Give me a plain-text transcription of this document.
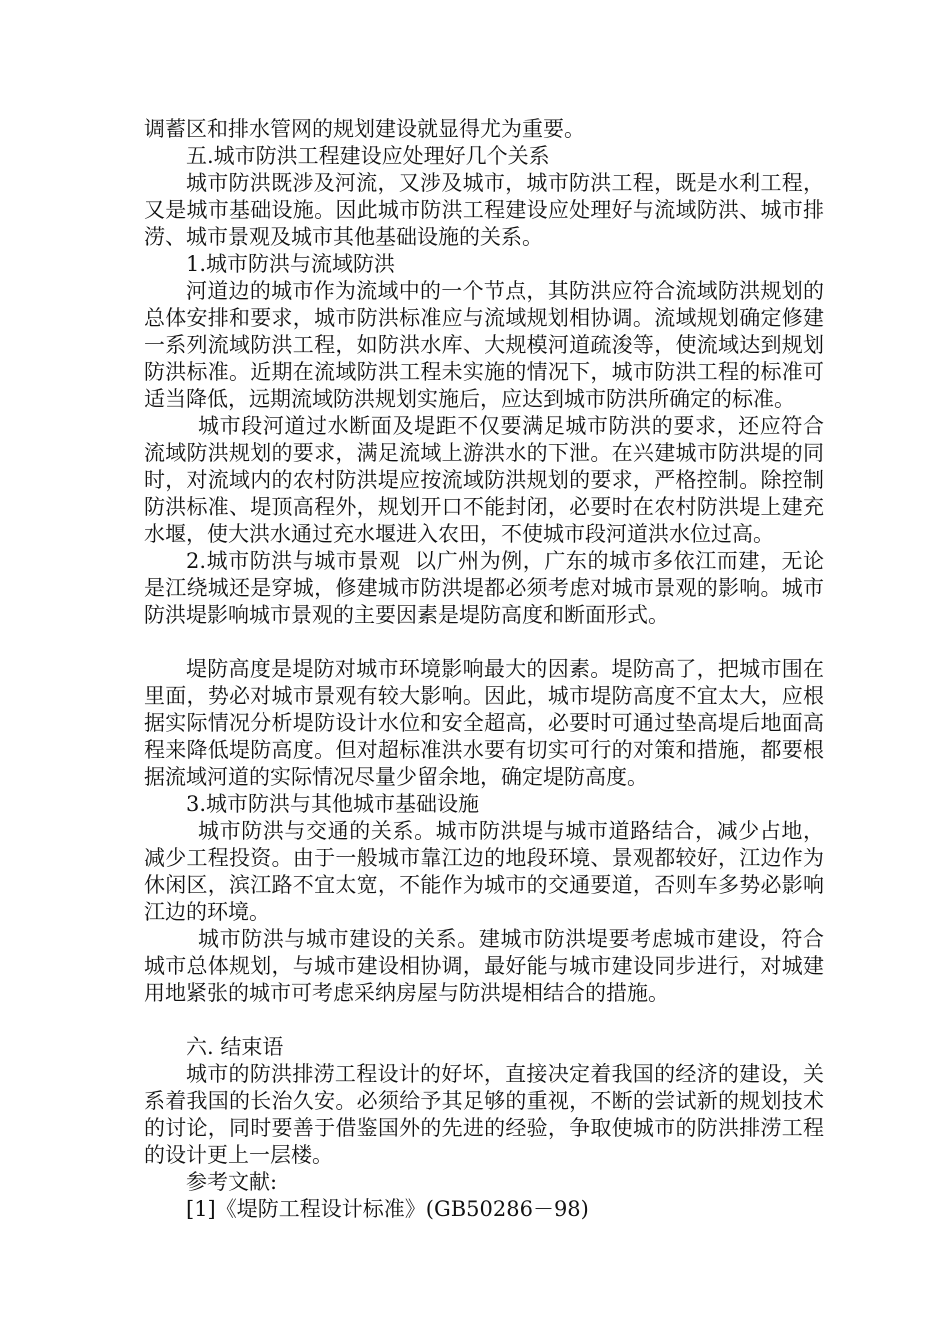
调蓄区和排水管网的规划建设就显得尤为重要。

五.城市防洪工程建设应处理好几个关系

城市防洪既涉及河流，又涉及城市，城市防洪工程，既是水利工程，又是城市基础设施。因此城市防洪工程建设应处理好与流域防洪、城市排涝、城市景观及城市其他基础设施的关系。

1.城市防洪与流域防洪

河道边的城市作为流域中的一个节点，其防洪应符合流域防洪规划的总体安排和要求，城市防洪标准应与流域规划相协调。流域规划确定修建一系列流域防洪工程，如防洪水库、大规模河道疏浚等，使流域达到规划防洪标准。近期在流域防洪工程未实施的情况下，城市防洪工程的标准可适当降低，远期流域防洪规划实施后，应达到城市防洪所确定的标准。

城市段河道过水断面及堤距不仅要满足城市防洪的要求，还应符合流域防洪规划的要求，满足流域上游洪水的下泄。在兴建城市防洪堤的同时，对流域内的农村防洪堤应按流域防洪规划的要求，严格控制。除控制防洪标准、堤顶高程外，规划开口不能封闭，必要时在农村防洪堤上建充水堰，使大洪水通过充水堰进入农田，不使城市段河道洪水位过高。

2.城市防洪与城市景观  以广州为例，广东的城市多依江而建，无论是江绕城还是穿城，修建城市防洪堤都必须考虑对城市景观的影响。城市防洪堤影响城市景观的主要因素是堤防高度和断面形式。

堤防高度是堤防对城市环境影响最大的因素。堤防高了，把城市围在里面，势必对城市景观有较大影响。因此，城市堤防高度不宜太大，应根据实际情况分析堤防设计水位和安全超高，必要时可通过垫高堤后地面高程来降低堤防高度。但对超标准洪水要有切实可行的对策和措施，都要根据流域河道的实际情况尽量少留余地，确定堤防高度。

3.城市防洪与其他城市基础设施

城市防洪与交通的关系。城市防洪堤与城市道路结合，减少占地，减少工程投资。由于一般城市靠江边的地段环境、景观都较好，江边作为休闲区，滨江路不宜太宽，不能作为城市的交通要道，否则车多势必影响江边的环境。

城市防洪与城市建设的关系。建城市防洪堤要考虑城市建设，符合城市总体规划，与城市建设相协调，最好能与城市建设同步进行，对城建用地紧张的城市可考虑采纳房屋与防洪堤相结合的措施。

六. 结束语

城市的防洪排涝工程设计的好坏，直接决定着我国的经济的建设，关系着我国的长治久安。必须给予其足够的重视，不断的尝试新的规划技术的讨论，同时要善于借鉴国外的先进的经验，争取使城市的防洪排涝工程的设计更上一层楼。

参考文献:

[1]《堤防工程设计标准》(GB50286－98)
